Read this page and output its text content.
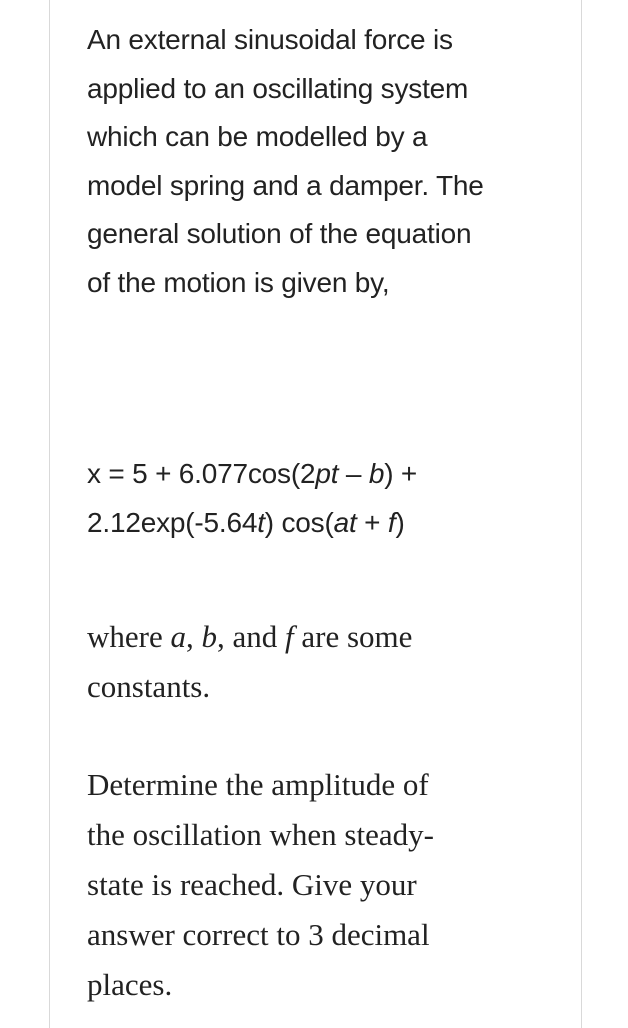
An external sinusoidal force is
applied to an oscillating system
which can be modelled by a
model spring and a damper. The
general solution of the equation
of the motion is given by,

x = 5 + 6.077cos(2pt – b) +
2.12exp(-5.64t) cos(at + f)

where a, b, and f are some
constants.

Determine the amplitude of
the oscillation when steady-
state is reached. Give your
answer correct to 3 decimal
places.
